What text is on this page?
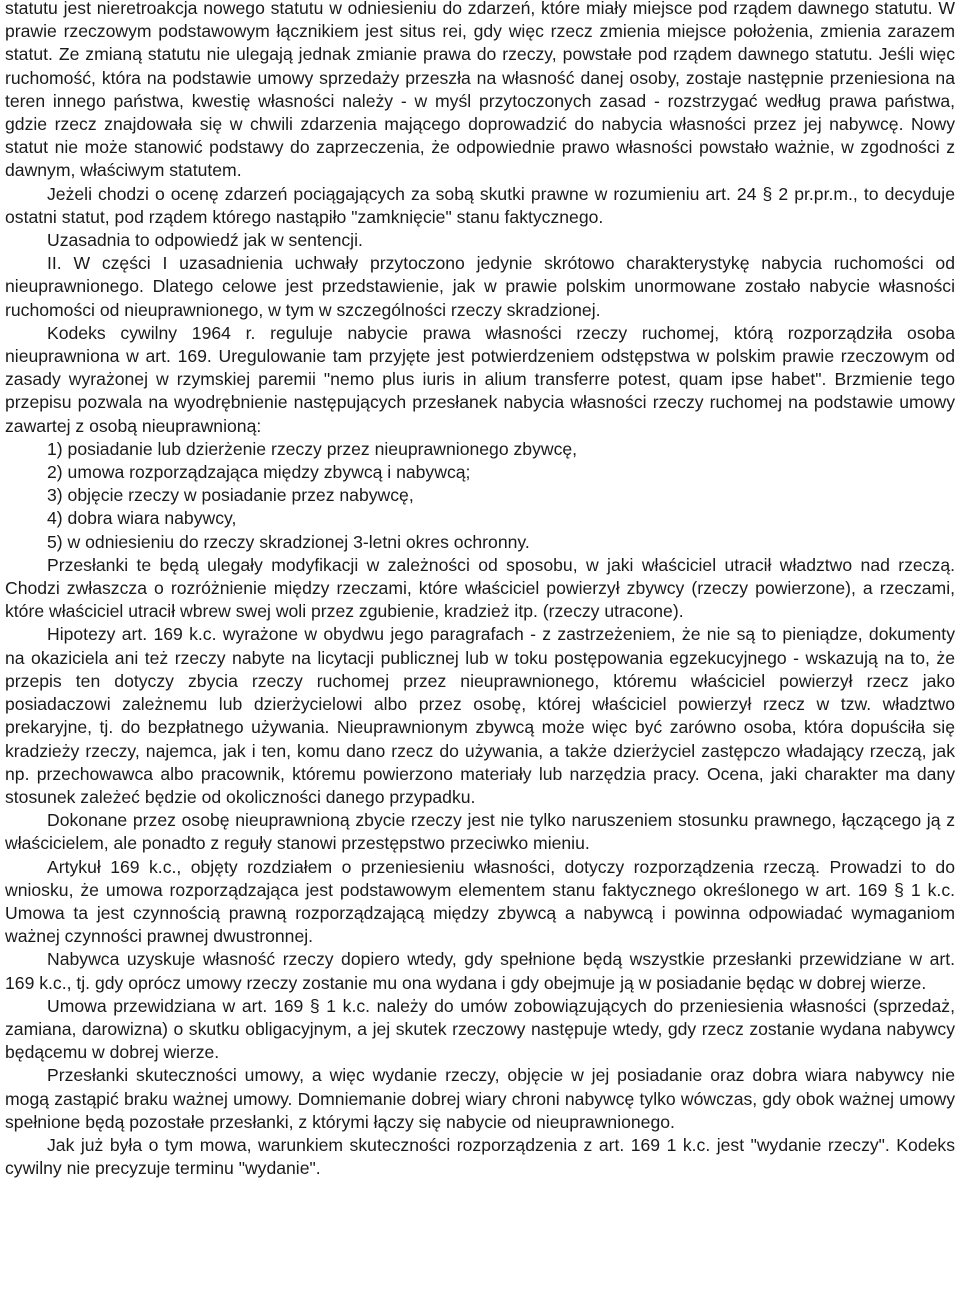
statutu jest nieretroakcja nowego statutu w odniesieniu do zdarzeń, które miały miejsce pod rządem dawnego statutu. W prawie rzeczowym podstawowym łącznikiem jest situs rei, gdy więc rzecz zmienia miejsce położenia, zmienia zarazem statut. Ze zmianą statutu nie ulegają jednak zmianie prawa do rzeczy, powstałe pod rządem dawnego statutu. Jeśli więc ruchomość, która na podstawie umowy sprzedaży przeszła na własność danej osoby, zostaje następnie przeniesiona na teren innego państwa, kwestię własności należy - w myśl przytoczonych zasad - rozstrzygać według prawa państwa, gdzie rzecz znajdowała się w chwili zdarzenia mającego doprowadzić do nabycia własności przez jej nabywcę. Nowy statut nie może stanowić podstawy do zaprzeczenia, że odpowiednie prawo własności powstało ważnie, w zgodności z dawnym, właściwym statutem.

Jeżeli chodzi o ocenę zdarzeń pociągających za sobą skutki prawne w rozumieniu art. 24 § 2 pr.pr.m., to decyduje ostatni statut, pod rządem którego nastąpiło "zamknięcie" stanu faktycznego.

Uzasadnia to odpowiedź jak w sentencji.

II. W części I uzasadnienia uchwały przytoczono jedynie skrótowo charakterystykę nabycia ruchomości od nieuprawnionego. Dlatego celowe jest przedstawienie, jak w prawie polskim unormowane zostało nabycie własności ruchomości od nieuprawnionego, w tym w szczególności rzeczy skradzionej.

Kodeks cywilny 1964 r. reguluje nabycie prawa własności rzeczy ruchomej, którą rozporządziła osoba nieuprawniona w art. 169. Uregulowanie tam przyjęte jest potwierdzeniem odstępstwa w polskim prawie rzeczowym od zasady wyrażonej w rzymskiej paremii "nemo plus iuris in alium transferre potest, quam ipse habet". Brzmienie tego przepisu pozwala na wyodrębnienie następujących przesłanek nabycia własności rzeczy ruchomej na podstawie umowy zawartej z osobą nieuprawnioną:

1) posiadanie lub dzierżenie rzeczy przez nieuprawnionego zbywcę,

2) umowa rozporządzająca między zbywcą i nabywcą;

3) objęcie rzeczy w posiadanie przez nabywcę,

4) dobra wiara nabywcy,

5) w odniesieniu do rzeczy skradzionej 3-letni okres ochronny.

Przesłanki te będą ulegały modyfikacji w zależności od sposobu, w jaki właściciel utracił władztwo nad rzeczą. Chodzi zwłaszcza o rozróżnienie między rzeczami, które właściciel powierzył zbywcy (rzeczy powierzone), a rzeczami, które właściciel utracił wbrew swej woli przez zgubienie, kradzież itp. (rzeczy utracone).

Hipotezy art. 169 k.c. wyrażone w obydwu jego paragrafach - z zastrzeżeniem, że nie są to pieniądze, dokumenty na okaziciela ani też rzeczy nabyte na licytacji publicznej lub w toku postępowania egzekucyjnego - wskazują na to, że przepis ten dotyczy zbycia rzeczy ruchomej przez nieuprawnionego, któremu właściciel powierzył rzecz jako posiadaczowi zależnemu lub dzierżycielowi albo przez osobę, której właściciel powierzył rzecz w tzw. władztwo prekaryjne, tj. do bezpłatnego używania. Nieuprawnionym zbywcą może więc być zarówno osoba, która dopuściła się kradzieży rzeczy, najemca, jak i ten, komu dano rzecz do używania, a także dzierżyciel zastępczo władający rzeczą, jak np. przechowawca albo pracownik, któremu powierzono materiały lub narzędzia pracy. Ocena, jaki charakter ma dany stosunek zależeć będzie od okoliczności danego przypadku.

Dokonane przez osobę nieuprawnioną zbycie rzeczy jest nie tylko naruszeniem stosunku prawnego, łączącego ją z właścicielem, ale ponadto z reguły stanowi przestępstwo przeciwko mieniu.

Artykuł 169 k.c., objęty rozdziałem o przeniesieniu własności, dotyczy rozporządzenia rzeczą. Prowadzi to do wniosku, że umowa rozporządzająca jest podstawowym elementem stanu faktycznego określonego w art. 169 § 1 k.c. Umowa ta jest czynnością prawną rozporządzającą między zbywcą a nabywcą i powinna odpowiadać wymaganiom ważnej czynności prawnej dwustronnej.

Nabywca uzyskuje własność rzeczy dopiero wtedy, gdy spełnione będą wszystkie przesłanki przewidziane w art. 169 k.c., tj. gdy oprócz umowy rzeczy zostanie mu ona wydana i gdy obejmuje ją w posiadanie będąc w dobrej wierze.

Umowa przewidziana w art. 169 § 1 k.c. należy do umów zobowiązujących do przeniesienia własności (sprzedaż, zamiana, darowizna) o skutku obligacyjnym, a jej skutek rzeczowy następuje wtedy, gdy rzecz zostanie wydana nabywcy będącemu w dobrej wierze.

Przesłanki skuteczności umowy, a więc wydanie rzeczy, objęcie w jej posiadanie oraz dobra wiara nabywcy nie mogą zastąpić braku ważnej umowy. Domniemanie dobrej wiary chroni nabywcę tylko wówczas, gdy obok ważnej umowy spełnione będą pozostałe przesłanki, z którymi łączy się nabycie od nieuprawnionego.

Jak już była o tym mowa, warunkiem skuteczności rozporządzenia z art. 169 1 k.c. jest "wydanie rzeczy". Kodeks cywilny nie precyzuje terminu "wydanie".
